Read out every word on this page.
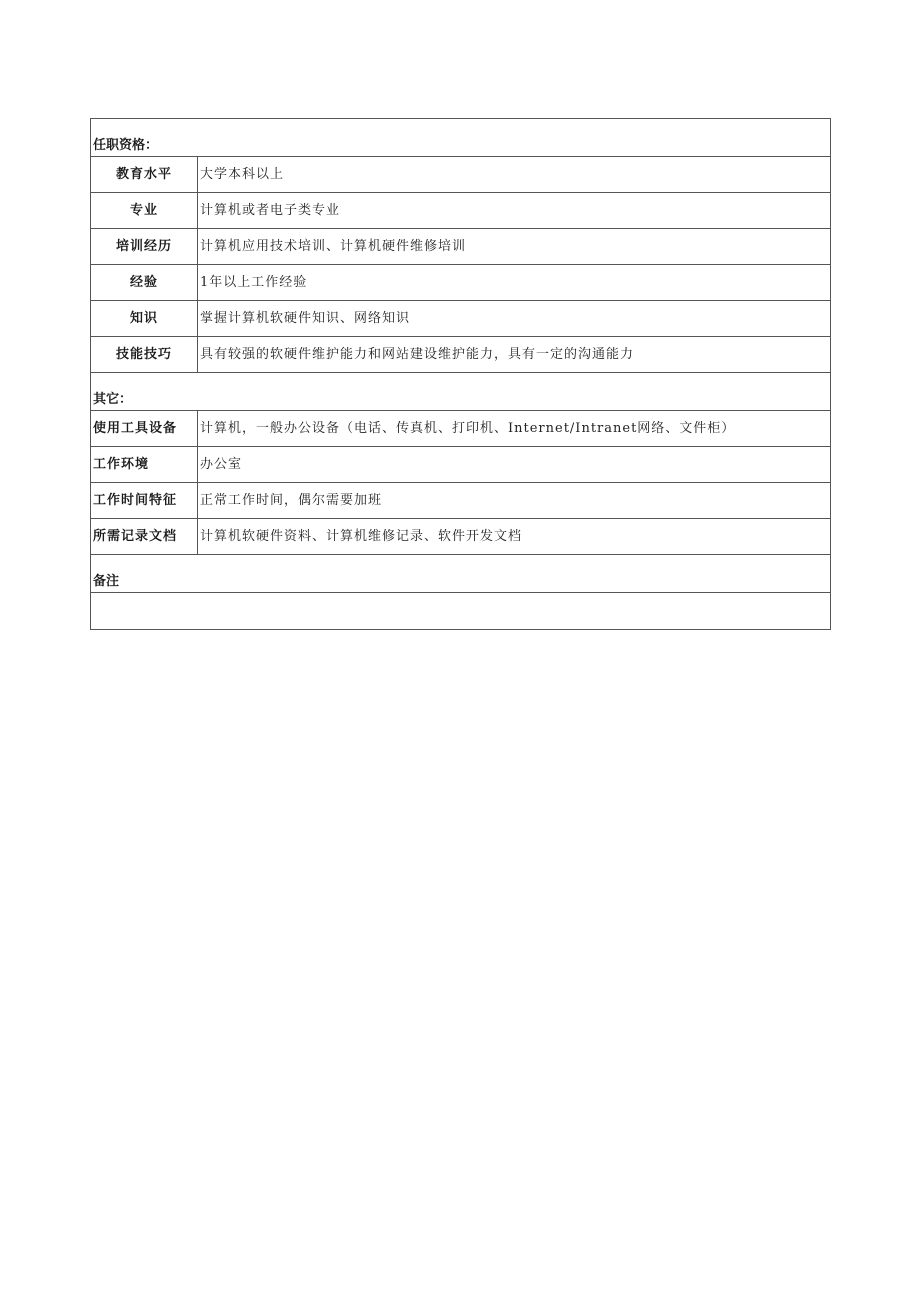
任职资格：	
教育水平	大学本科以上
专业	计算机或者电子类专业
培训经历	计算机应用技术培训、计算机硬件维修培训
经验	1年以上工作经验
知识	掌握计算机软硬件知识、网络知识
技能技巧	具有较强的软硬件维护能力和网站建设维护能力，具有一定的沟通能力
其它：	
使用工具设备	计算机，一般办公设备（电话、传真机、打印机、Internet/Intranet网络、文件柜）
工作环境	办公室
工作时间特征	正常工作时间，偶尔需要加班
所需记录文档	计算机软硬件资料、计算机维修记录、软件开发文档
备注	
